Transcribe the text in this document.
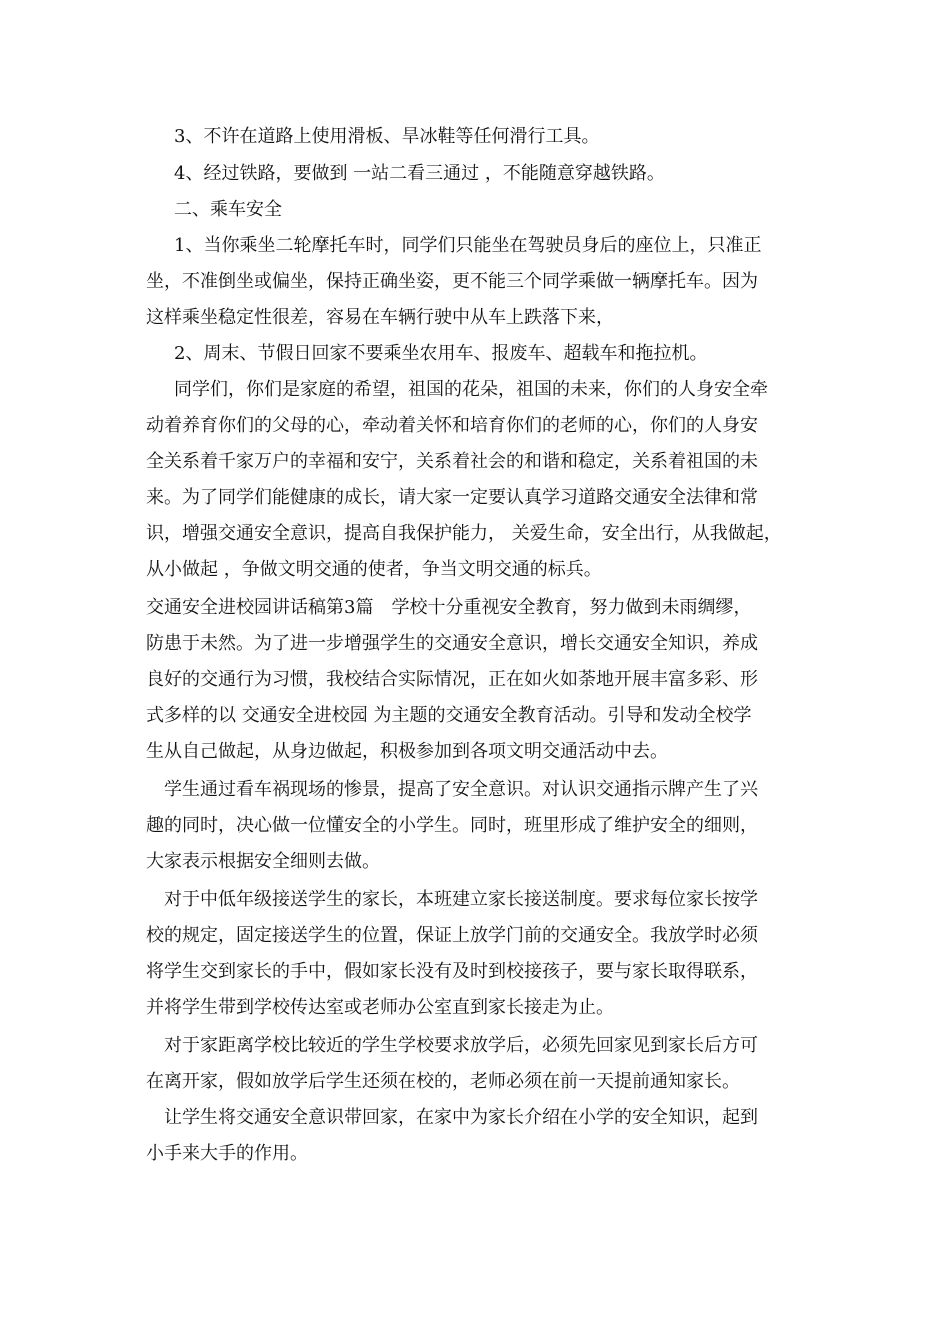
3、不许在道路上使用滑板、旱冰鞋等任何滑行工具。
4、经过铁路，要做到 一站二看三通过 ，不能随意穿越铁路。
二、乘车安全
1、当你乘坐二轮摩托车时，同学们只能坐在驾驶员身后的座位上，只准正
坐，不准倒坐或偏坐，保持正确坐姿，更不能三个同学乘做一辆摩托车。因为
这样乘坐稳定性很差，容易在车辆行驶中从车上跌落下来，
2、周末、节假日回家不要乘坐农用车、报废车、超载车和拖拉机。
同学们，你们是家庭的希望，祖国的花朵，祖国的未来，你们的人身安全牵
动着养育你们的父母的心，牵动着关怀和培育你们的老师的心，你们的人身安
全关系着千家万户的幸福和安宁，关系着社会的和谐和稳定，关系着祖国的未
来。为了同学们能健康的成长，请大家一定要认真学习道路交通安全法律和常
识，增强交通安全意识，提高自我保护能力， 关爱生命，安全出行，从我做起，
从小做起 ，争做文明交通的使者，争当文明交通的标兵。
交通安全进校园讲话稿第3篇　学校十分重视安全教育，努力做到未雨绸缪，
防患于未然。为了进一步增强学生的交通安全意识，增长交通安全知识，养成
良好的交通行为习惯，我校结合实际情况，正在如火如荼地开展丰富多彩、形
式多样的以 交通安全进校园 为主题的交通安全教育活动。引导和发动全校学
生从自己做起，从身边做起，积极参加到各项文明交通活动中去。
学生通过看车祸现场的惨景，提高了安全意识。对认识交通指示牌产生了兴
趣的同时，决心做一位懂安全的小学生。同时，班里形成了维护安全的细则，
大家表示根据安全细则去做。
对于中低年级接送学生的家长，本班建立家长接送制度。要求每位家长按学
校的规定，固定接送学生的位置，保证上放学门前的交通安全。我放学时必须
将学生交到家长的手中，假如家长没有及时到校接孩子，要与家长取得联系，
并将学生带到学校传达室或老师办公室直到家长接走为止。
对于家距离学校比较近的学生学校要求放学后，必须先回家见到家长后方可
在离开家，假如放学后学生还须在校的，老师必须在前一天提前通知家长。
让学生将交通安全意识带回家，在家中为家长介绍在小学的安全知识，起到
小手来大手的作用。
